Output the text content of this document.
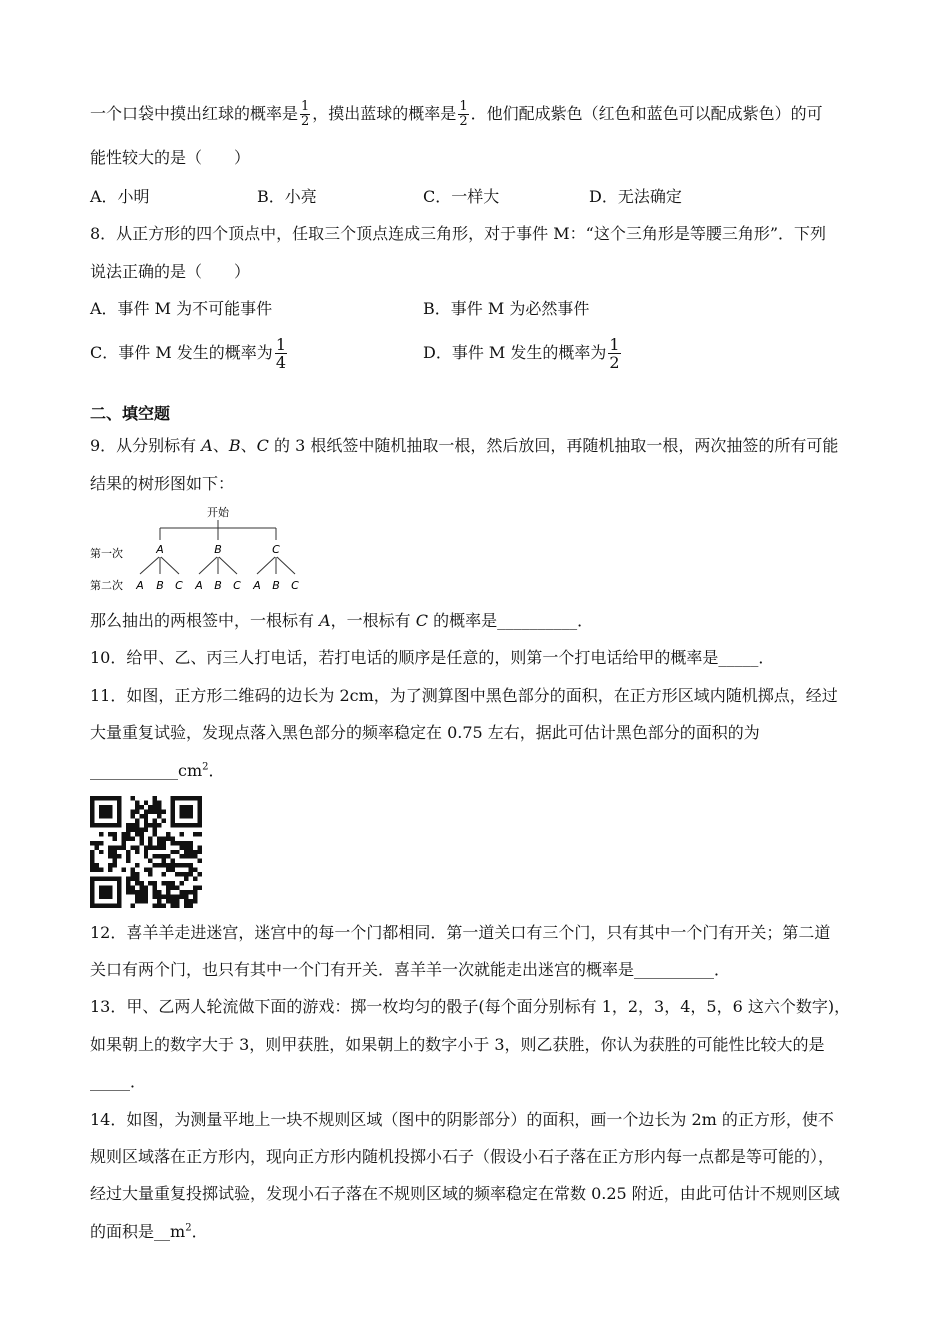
一个口袋中摸出红球的概率是 $\frac{1}{2}$ ，摸出蓝球的概率是 $\frac{1}{2}$ ．他们配成紫色（红色和蓝色可以配成紫色）的可
能性较大的是（　　）
A．小明	B．小亮	C．一样大	D．无法确定
8．从正方形的四个顶点中，任取三个顶点连成三角形，对于事件 M：“这个三角形是等腰三角形”．下列
说法正确的是（　　）
A．事件 M 为不可能事件	B．事件 M 为必然事件
C．事件 M 发生的概率为 $\frac{1}{4}$	D．事件 M 发生的概率为 $\frac{1}{2}$
二、填空题
9．从分别标有 A、B、C 的 3 根纸签中随机抽取一根，然后放回，再随机抽取一根，两次抽签的所有可能
结果的树形图如下：
开始
第一次
第二次
A	B	C
A B C A B C A B C
那么抽出的两根签中，一根标有 A，一根标有 C 的概率是__________．
10．给甲、乙、丙三人打电话，若打电话的顺序是任意的，则第一个打电话给甲的概率是_____．
11．如图，正方形二维码的边长为 2cm，为了测算图中黑色部分的面积，在正方形区域内随机掷点，经过
大量重复试验，发现点落入黑色部分的频率稳定在 0.75 左右，据此可估计黑色部分的面积的为
$\_\_\_\_\_\_\_\_\_\_\_cm^2$．
12．喜羊羊走进迷宫，迷宫中的每一个门都相同．第一道关口有三个门，只有其中一个门有开关；第二道
关口有两个门，也只有其中一个门有开关．喜羊羊一次就能走出迷宫的概率是__________．
13．甲、乙两人轮流做下面的游戏：掷一枚均匀的骰子(每个面分别标有 1，2，3，4，5，6 这六个数字)，
如果朝上的数字大于 3，则甲获胜，如果朝上的数字小于 3，则乙获胜，你认为获胜的可能性比较大的是
_____．
14．如图，为测量平地上一块不规则区域（图中的阴影部分）的面积，画一个边长为 2m 的正方形，使不
规则区域落在正方形内，现向正方形内随机投掷小石子（假设小石子落在正方形内每一点都是等可能的），
经过大量重复投掷试验，发现小石子落在不规则区域的频率稳定在常数 0.25 附近，由此可估计不规则区域
的面积是$\_\_m^2$．
